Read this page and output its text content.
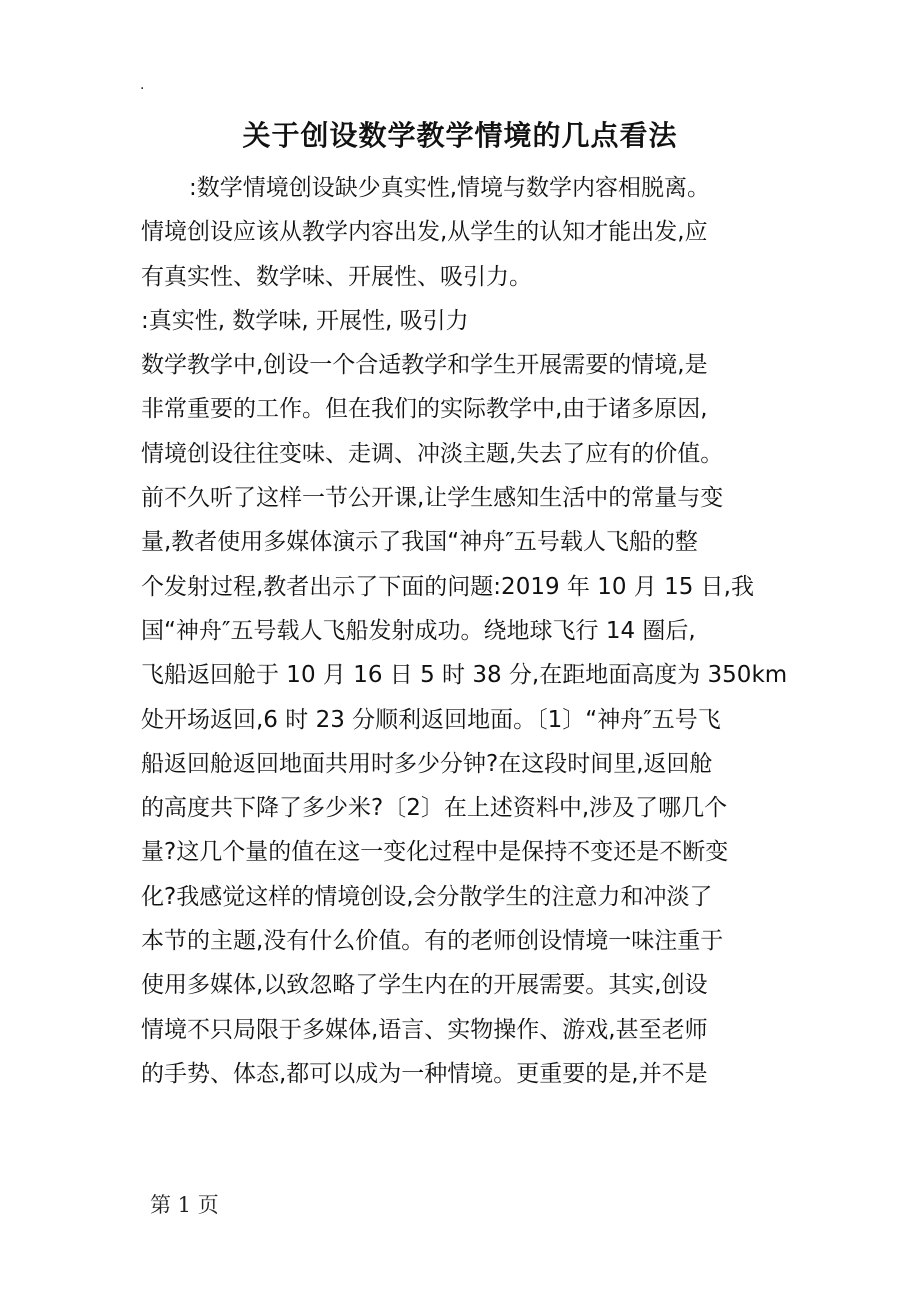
.
关于创设数学教学情境的几点看法
:数学情境创设缺少真实性,情境与数学内容相脱离。
情境创设应该从教学内容出发,从学生的认知才能出发,应
有真实性、数学味、开展性、吸引力。
:真实性, 数学味, 开展性, 吸引力
数学教学中,创设一个合适教学和学生开展需要的情境,是
非常重要的工作。但在我们的实际教学中,由于诸多原因,
情境创设往往变味、走调、冲淡主题,失去了应有的价值。
前不久听了这样一节公开课,让学生感知生活中的常量与变
量,教者使用多媒体演示了我国“神舟″五号载人飞船的整
个发射过程,教者出示了下面的问题:2019 年 10 月 15 日,我
国“神舟″五号载人飞船发射成功。绕地球飞行 14 圈后,
飞船返回舱于 10 月 16 日 5 时 38 分,在距地面高度为 350km
处开场返回,6 时 23 分顺利返回地面。〔1〕“神舟″五号飞
船返回舱返回地面共用时多少分钟?在这段时间里,返回舱
的高度共下降了多少米?〔2〕在上述资料中,涉及了哪几个
量?这几个量的值在这一变化过程中是保持不变还是不断变
化?我感觉这样的情境创设,会分散学生的注意力和冲淡了
本节的主题,没有什么价值。有的老师创设情境一味注重于
使用多媒体,以致忽略了学生内在的开展需要。其实,创设
情境不只局限于多媒体,语言、实物操作、游戏,甚至老师
的手势、体态,都可以成为一种情境。更重要的是,并不是
第 1 页
